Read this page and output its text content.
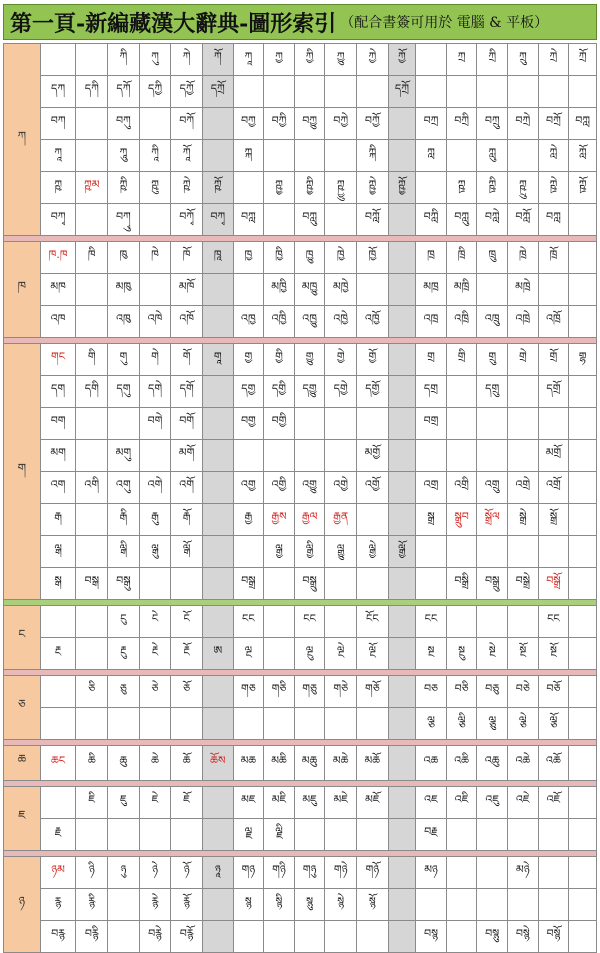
第一頁-新編藏漢大辭典-圖形索引 （配合書簽可用於 電腦 & 平板）
ཀ			ཀི	ཀུ	ཀེ	ཀོ	ཀཱ	ཀྱ	ཀྱི	ཀྱུ	ཀྱེ	ཀྱོ		ཀྲ	ཀྲི	ཀྲུ	ཀྲེ	ཀྲོ
	དཀ	དཀི	དཀོ	དཀྱི	དཀྱོ	དཀྲོ						དཀྲོ						
	བཀ		བཀུ		བཀོ		བཀྱ	བཀྱི	བཀྱུ	བཀྱེ	བཀྱོ		བཀྲ	བཀྲི	བཀྲུ	བཀྲེ	བཀྲོ	བཀླ
	ཀཱ		ཀཱུ	ཀཱི	ཀཱོ		ཀྐ				ཀྐི		ཀླ		ཀླུ		ཀླེ	ཀློ
	ཀྵ	ཀྵམ	ཀྵི	ཀྵུ	ཀྵེ	ཀྵོ		ཀྵྱ	ཀྵྱི	ཀྵྱུ	ཀྵྱེ	ཀྵྱོ		ཀྵྲ	ཀྵྲི	ཀྵྲུ	ཀྵྲེ	ཀྵྲོ
	བཀྭ		བཀྭུ		བཀྭོ	བཀྭ	བཀླ		བཀླུ		བཀློ		བཀླི	བཀླུ	བཀླེ	བཀློ	བཀླ	

ཁ	ཁ.ཁ	ཁི	ཁུ	ཁེ	ཁོ	ཁཱ	ཁྱ	ཁྱི	ཁྱུ	ཁྱེ	ཁྱོ		ཁྲ	ཁྲི	ཁྲུ	ཁྲེ	ཁྲོ	
	མཁ		མཁུ		མཁོ			མཁྱི	མཁྱུ	མཁྱེ			མཁྲ	མཁྲི		མཁྲེ		
	འཁ		འཁུ	འཁེ	འཁོ		འཁྱ	འཁྱི	འཁྱུ	འཁྱེ	འཁྱོ		འཁྲ	འཁྲི	འཁྲུ	འཁྲེ	འཁྲོ	

ག	གང	གི	གུ	གེ	གོ	གཱ	གྱ	གྱི	གྱུ	གྱེ	གྱོ		གྲ	གྲི	གྲུ	གྲེ	གྲོ	གྷ
	དག	དགི	དགུ	དགེ	དགོ		དགྱ	དགྱི	དགྱུ	དགྱེ	དགྱོ		དགྲ		དགྲུ		དགྲོ	
	བག			བགེ	བགོ		བགྱ	བགྱི					བགྲ					
	མག		མགུ		མགོ						མགྱོ						མགྲོ	
	འག	འགི	འགུ	འགེ	འགོ		འགྱ	འགྱི	འགྱུ	འགྱེ	འགྱོ		འགྲ	འགྲི	འགྲུ	འགྲེ	འགྲོ	
	རྒ		རྒི	རྒུ	རྒོ		རྒྱ	རྒྱས	རྒྱལ	རྒྱན			སྒྲ	སྒྲུབ	སྒྲོལ	སྒྲེ	སྒྲོ	
	ལྒ		ལྒི	ལྒུ	ལྒོ			ལྒྱ	ལྒྱི	ལྒྱུ	ལྒྱེ	ལྒྱོ						
	སྒ	བསྒ	བསྒུ				བསྒྲ		བསྒྲུ					བསྒྲི	བསྒྲུ	བསྒྲེ	བསྒྲོ	

ང			ངུ	ངེ	ངོ		ངང		ངང		ངོང		ངང				ངང	
	རྔ		རྔུ	རྔེ	རྔོ	ཨ	ལྔ		ལྔུ	ལྔེ	ལྔོ		སྔ	སྔུ	སྔེ	སྔོ	སྔོ	

ཅ		ཅི	ཅུ	ཅེ	ཅོ		གཅ	གཅི	གཅུ	གཅེ	གཅོ		བཅ	བཅི	བཅུ	བཅེ	བཅོ	
													ལྕ	ལྕི	ལྕུ	ལྕེ	ལྕོ	

ཆ	ཆང	ཆི	ཆུ	ཆེ	ཆོ	ཆོས	མཆ	མཆི	མཆུ	མཆེ	མཆོ		འཆ	འཆི	འཆུ	འཆེ	འཆོ	

ཇ		ཇི	ཇུ	ཇེ	ཇོ		མཇ	མཇི	མཇུ	མཇེ	མཇོ		འཇ	འཇི	འཇུ	འཇེ	འཇོ	
	རྗ						ལྗ	ལྗི					བརྗ					

ཉ	ཉམ	ཉི	ཉུ	ཉེ	ཉོ	ཉཱ	གཉ	གཉི	གཉུ	གཉེ	གཉོ		མཉ			མཉེ		
	རྙ	རྙི		རྙེ	རྙོ		སྙ	སྙི	སྙུ	སྙེ	སྙོ							
	བརྙ	བརྙི		བརྙེ	བརྙོ								བསྙ		བསྙུ	བསྙེ	བསྙོ	
